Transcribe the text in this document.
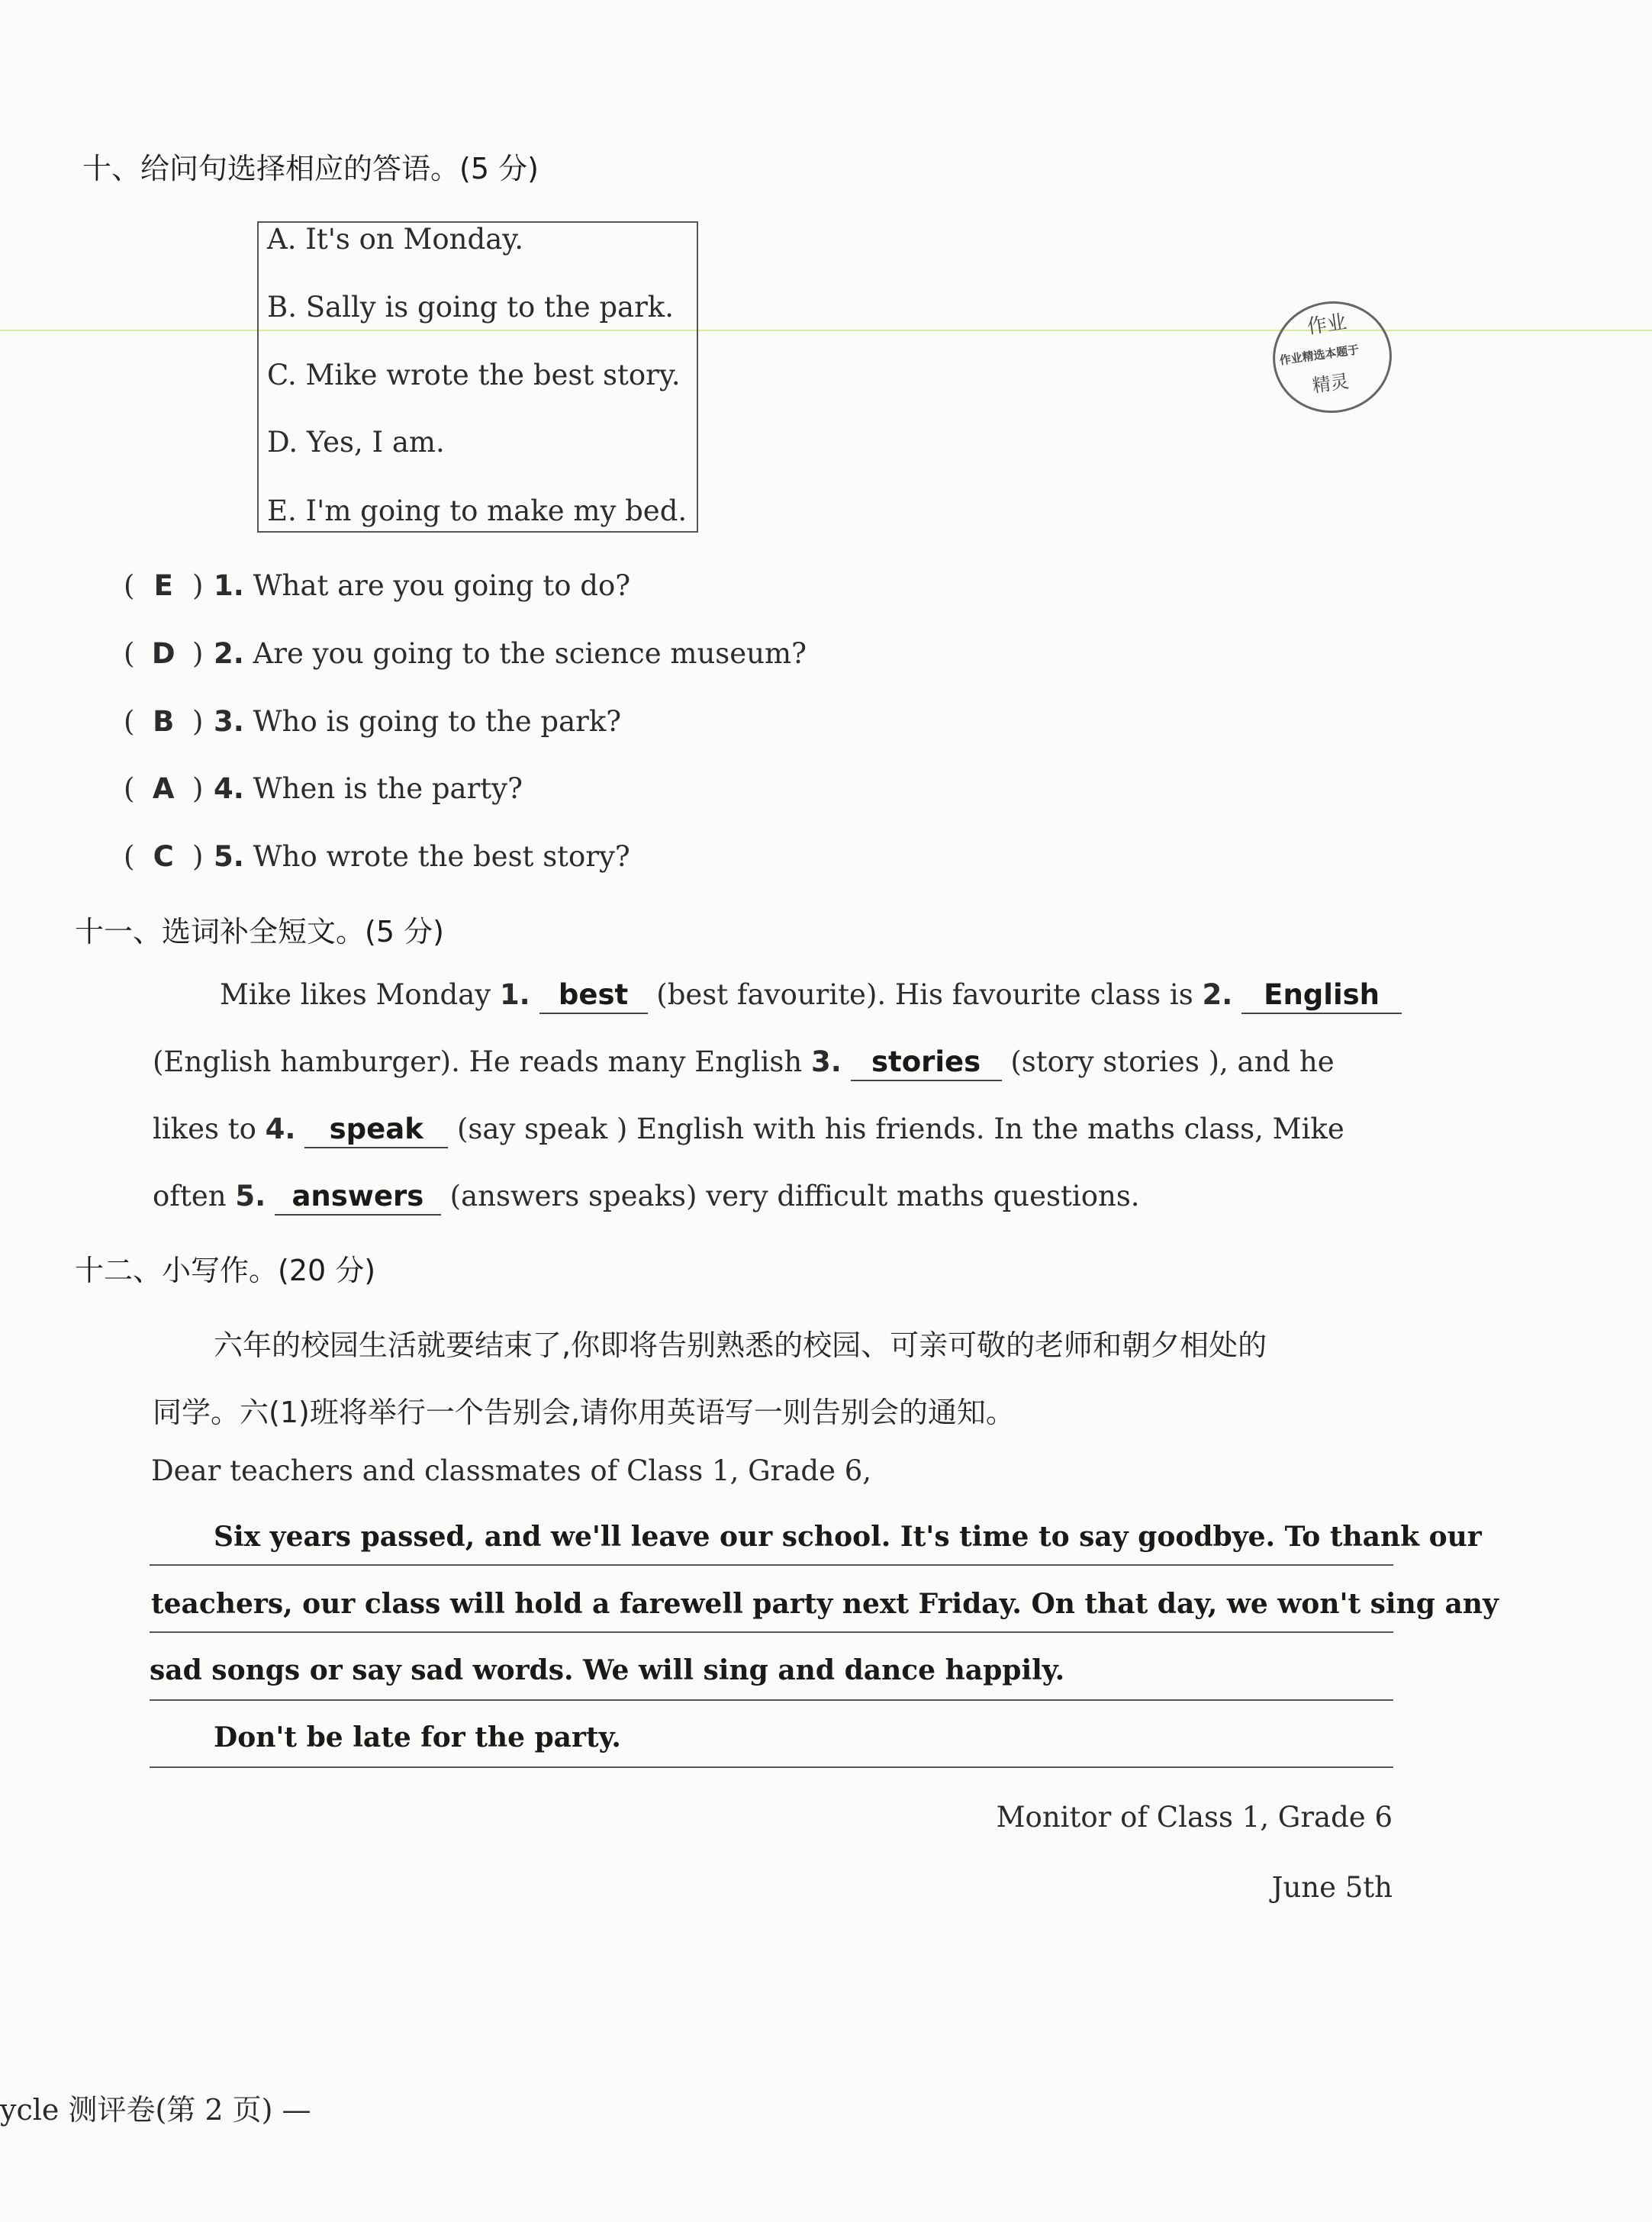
十、给问句选择相应的答语。(5 分)
A. It's on Monday.
B. Sally is going to the park.
C. Mike wrote the best story.
D. Yes, I am.
E. I'm going to make my bed.
作业
作业精选本题于
精灵
( E ) 1. What are you going to do?
( D ) 2. Are you going to the science museum?
( B ) 3. Who is going to the park?
( A ) 4. When is the party?
( C ) 5. Who wrote the best story?
十一、选词补全短文。(5 分)
Mike likes Monday 1. best (best favourite). His favourite class is 2. English
(English hamburger). He reads many English 3. stories (story stories ), and he
likes to 4. speak (say speak ) English with his friends. In the maths class, Mike
often 5. answers (answers speaks) very difficult maths questions.
十二、小写作。(20 分)
六年的校园生活就要结束了,你即将告别熟悉的校园、可亲可敬的老师和朝夕相处的
同学。六(1)班将举行一个告别会,请你用英语写一则告别会的通知。
Dear teachers and classmates of Class 1, Grade 6,
Six years passed, and we'll leave our school. It's time to say goodbye. To thank our
teachers, our class will hold a farewell party next Friday. On that day, we won't sing any
sad songs or say sad words. We will sing and dance happily.
Don't be late for the party.
Monitor of Class 1, Grade 6
June 5th
ycle 测评卷(第 2 页) —
